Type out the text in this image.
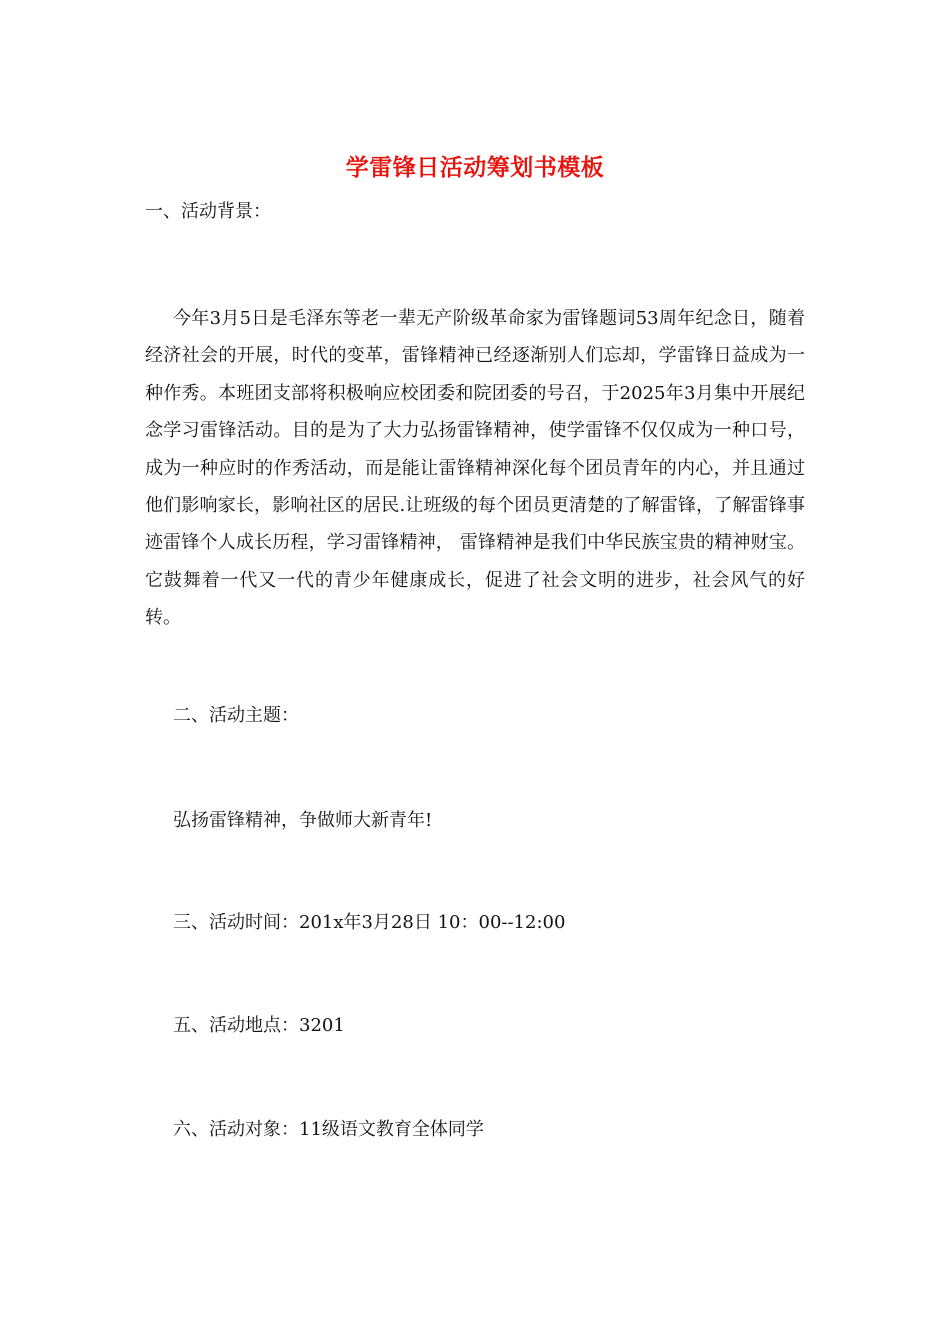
学雷锋日活动筹划书模板
一、活动背景：
今年3月5日是毛泽东等老一辈无产阶级革命家为雷锋题词53周年纪念日，随着经济社会的开展，时代的变革，雷锋精神已经逐渐别人们忘却，学雷锋日益成为一种作秀。本班团支部将积极响应校团委和院团委的号召，于2025年3月集中开展纪念学习雷锋活动。目的是为了大力弘扬雷锋精神，使学雷锋不仅仅成为一种口号，成为一种应时的作秀活动，而是能让雷锋精神深化每个团员青年的内心，并且通过他们影响家长，影响社区的居民.让班级的每个团员更清楚的了解雷锋，了解雷锋事迹雷锋个人成长历程，学习雷锋精神， 雷锋精神是我们中华民族宝贵的精神财宝。它鼓舞着一代又一代的青少年健康成长，促进了社会文明的进步，社会风气的好转。
二、活动主题：
弘扬雷锋精神，争做师大新青年!
三、活动时间：201x年3月28日 10：00--12:00
五、活动地点：3201
六、活动对象：11级语文教育全体同学
